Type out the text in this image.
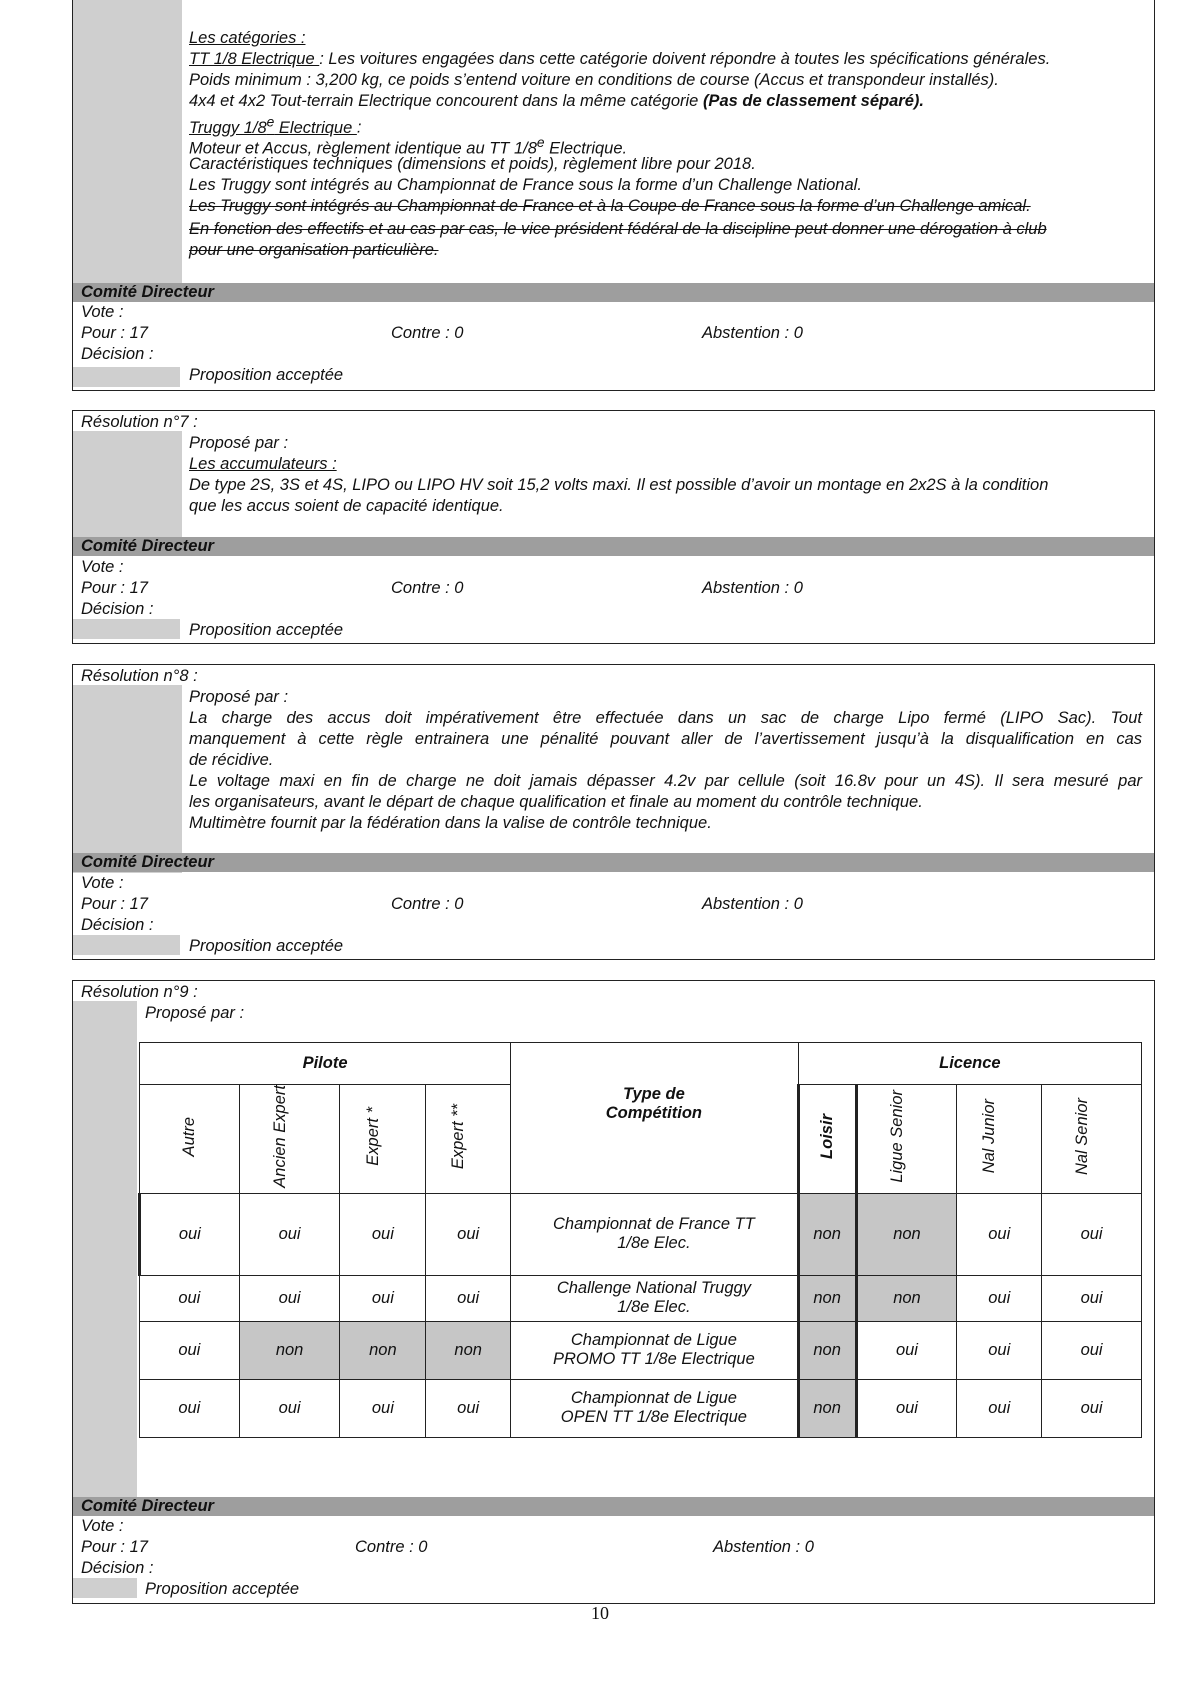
Comité Directeur
Les catégories :
TT 1/8 Electrique : Les voitures engagées dans cette catégorie doivent répondre à toutes les spécifications générales.
Poids minimum : 3,200 kg, ce poids s’entend voiture en conditions de course (Accus et transpondeur installés).
4x4 et 4x2 Tout-terrain Electrique concourent dans la même catégorie (Pas de classement séparé).
Truggy 1/8e Electrique :
Moteur et Accus, règlement identique au TT 1/8e Electrique.
Caractéristiques techniques (dimensions et poids), règlement libre pour 2018.
Les Truggy sont intégrés au Championnat de France sous la forme d’un Challenge National.
Les Truggy sont intégrés au Championnat de France et à la Coupe de France sous la forme d’un Challenge amical.
En fonction des effectifs et au cas par cas, le vice président fédéral de la discipline peut donner une dérogation à club
pour une organisation particulière.
Vote :
Pour : 17	Contre : 0	Abstention : 0
Décision :
Proposition acceptée
Comité Directeur
Résolution n°7 :
Proposé par :
Les accumulateurs :
De type 2S, 3S et 4S, LIPO ou LIPO HV soit 15,2 volts maxi. Il est possible d’avoir un montage en 2x2S à la condition
que les accus soient de capacité identique.
Vote :
Pour : 17	Contre : 0	Abstention : 0
Décision :
Proposition acceptée
Comité Directeur
Résolution n°8 :
Proposé par :
La charge des accus doit impérativement être effectuée dans un sac de charge Lipo fermé (LIPO Sac). Tout
manquement à cette règle entrainera une pénalité pouvant aller de l’avertissement jusqu’à la disqualification en cas
de récidive.
Le voltage maxi en fin de charge ne doit jamais dépasser 4.2v par cellule (soit 16.8v pour un 4S). Il sera mesuré par
les organisateurs, avant le départ de chaque qualification et finale au moment du contrôle technique.
Multimètre fournit par la fédération dans la valise de contrôle technique.
Vote :
Pour : 17	Contre : 0	Abstention : 0
Décision :
Proposition acceptée
Comité Directeur
Résolution n°9 :
Proposé par :
Vote :
Pour : 17	Contre : 0	Abstention : 0
Décision :
Proposition acceptée
Pilote				Type de Compétition	Licence			
Autre	Ancien Expert	Expert *	Expert **		Loisir	Ligue Senior	Nal Junior	Nal Senior
oui	oui	oui	oui	Championnat de France TT 1/8e Elec.	non	non	oui	oui
oui	oui	oui	oui	Challenge National Truggy 1/8e Elec.	non	non	oui	oui
oui	non	non	non	Championnat de Ligue PROMO TT 1/8e Electrique	non	oui	oui	oui
oui	oui	oui	oui	Championnat de Ligue OPEN TT 1/8e Electrique	non	oui	oui	oui
10
